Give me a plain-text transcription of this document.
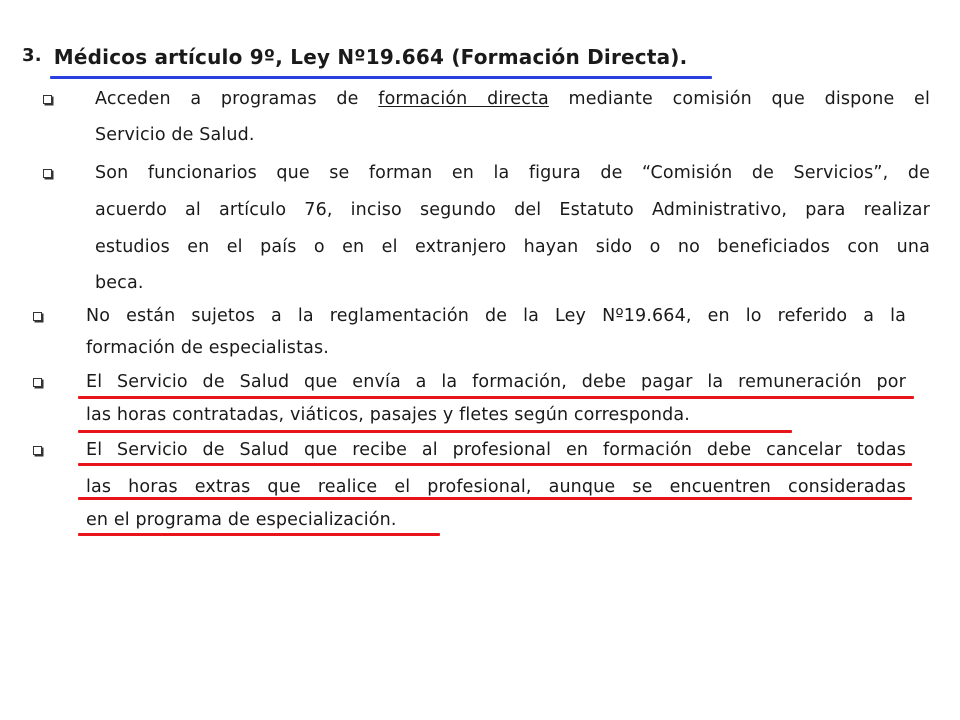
3. Médicos artículo 9º, Ley Nº19.664 (Formación Directa).
Acceden a programas de formación directa mediante comisión que dispone el
Servicio de Salud.
Son funcionarios que se forman en la figura de “Comisión de Servicios”, de
acuerdo al artículo 76, inciso segundo del Estatuto Administrativo, para realizar
estudios en el país o en el extranjero hayan sido o no beneficiados con una
beca.
No están sujetos a la reglamentación de la Ley Nº19.664, en lo referido a la
formación de especialistas.
El Servicio de Salud que envía a la formación, debe pagar la remuneración por
las horas contratadas, viáticos, pasajes y fletes según corresponda.
El Servicio de Salud que recibe al profesional en formación debe cancelar todas
las horas extras que realice el profesional, aunque se encuentren consideradas
en el programa de especialización.
